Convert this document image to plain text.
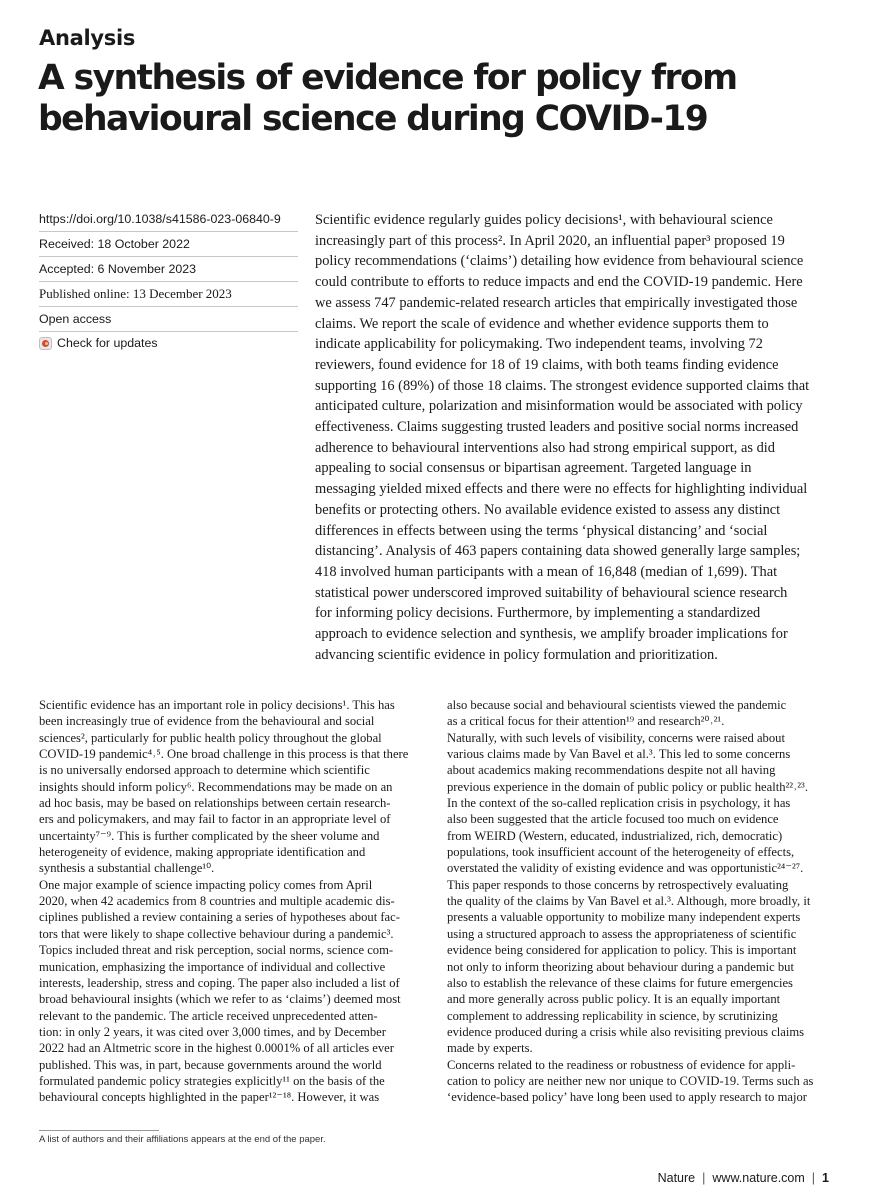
Analysis
A synthesis of evidence for policy from
behavioural science during COVID-19
https://doi.org/10.1038/s41586-023-06840-9
Received: 18 October 2022
Accepted: 6 November 2023
Published online: 13 December 2023
Open access
Check for updates
Scientific evidence regularly guides policy decisions¹, with behavioural science
increasingly part of this process². In April 2020, an influential paper³ proposed 19
policy recommendations (‘claims’) detailing how evidence from behavioural science
could contribute to efforts to reduce impacts and end the COVID-19 pandemic. Here
we assess 747 pandemic-related research articles that empirically investigated those
claims. We report the scale of evidence and whether evidence supports them to
indicate applicability for policymaking. Two independent teams, involving 72
reviewers, found evidence for 18 of 19 claims, with both teams finding evidence
supporting 16 (89%) of those 18 claims. The strongest evidence supported claims that
anticipated culture, polarization and misinformation would be associated with policy
effectiveness. Claims suggesting trusted leaders and positive social norms increased
adherence to behavioural interventions also had strong empirical support, as did
appealing to social consensus or bipartisan agreement. Targeted language in
messaging yielded mixed effects and there were no effects for highlighting individual
benefits or protecting others. No available evidence existed to assess any distinct
differences in effects between using the terms ‘physical distancing’ and ‘social
distancing’. Analysis of 463 papers containing data showed generally large samples;
418 involved human participants with a mean of 16,848 (median of 1,699). That
statistical power underscored improved suitability of behavioural science research
for informing policy decisions. Furthermore, by implementing a standardized
approach to evidence selection and synthesis, we amplify broader implications for
advancing scientific evidence in policy formulation and prioritization.
Scientific evidence has an important role in policy decisions¹. This has
been increasingly true of evidence from the behavioural and social
sciences², particularly for public health policy throughout the global
COVID-19 pandemic⁴˒⁵. One broad challenge in this process is that there
is no universally endorsed approach to determine which scientific
insights should inform policy⁶. Recommendations may be made on an
ad hoc basis, may be based on relationships between certain research-
ers and policymakers, and may fail to factor in an appropriate level of
uncertainty⁷⁻⁹. This is further complicated by the sheer volume and
heterogeneity of evidence, making appropriate identification and
synthesis a substantial challenge¹⁰.
One major example of science impacting policy comes from April
2020, when 42 academics from 8 countries and multiple academic dis-
ciplines published a review containing a series of hypotheses about fac-
tors that were likely to shape collective behaviour during a pandemic³.
Topics included threat and risk perception, social norms, science com-
munication, emphasizing the importance of individual and collective
interests, leadership, stress and coping. The paper also included a list of
broad behavioural insights (which we refer to as ‘claims’) deemed most
relevant to the pandemic. The article received unprecedented atten-
tion: in only 2 years, it was cited over 3,000 times, and by December
2022 had an Altmetric score in the highest 0.0001% of all articles ever
published. This was, in part, because governments around the world
formulated pandemic policy strategies explicitly¹¹ on the basis of the
behavioural concepts highlighted in the paper¹²⁻¹⁸. However, it was
also because social and behavioural scientists viewed the pandemic
as a critical focus for their attention¹⁹ and research²⁰˒²¹.
Naturally, with such levels of visibility, concerns were raised about
various claims made by Van Bavel et al.³. This led to some concerns
about academics making recommendations despite not all having
previous experience in the domain of public policy or public health²²˒²³.
In the context of the so-called replication crisis in psychology, it has
also been suggested that the article focused too much on evidence
from WEIRD (Western, educated, industrialized, rich, democratic)
populations, took insufficient account of the heterogeneity of effects,
overstated the validity of existing evidence and was opportunistic²⁴⁻²⁷.
This paper responds to those concerns by retrospectively evaluating
the quality of the claims by Van Bavel et al.³. Although, more broadly, it
presents a valuable opportunity to mobilize many independent experts
using a structured approach to assess the appropriateness of scientific
evidence being considered for application to policy. This is important
not only to inform theorizing about behaviour during a pandemic but
also to establish the relevance of these claims for future emergencies
and more generally across public policy. It is an equally important
complement to addressing replicability in science, by scrutinizing
evidence produced during a crisis while also revisiting previous claims
made by experts.
Concerns related to the readiness or robustness of evidence for appli-
cation to policy are neither new nor unique to COVID-19. Terms such as
‘evidence-based policy’ have long been used to apply research to major
A list of authors and their affiliations appears at the end of the paper.
Nature | www.nature.com | 1
